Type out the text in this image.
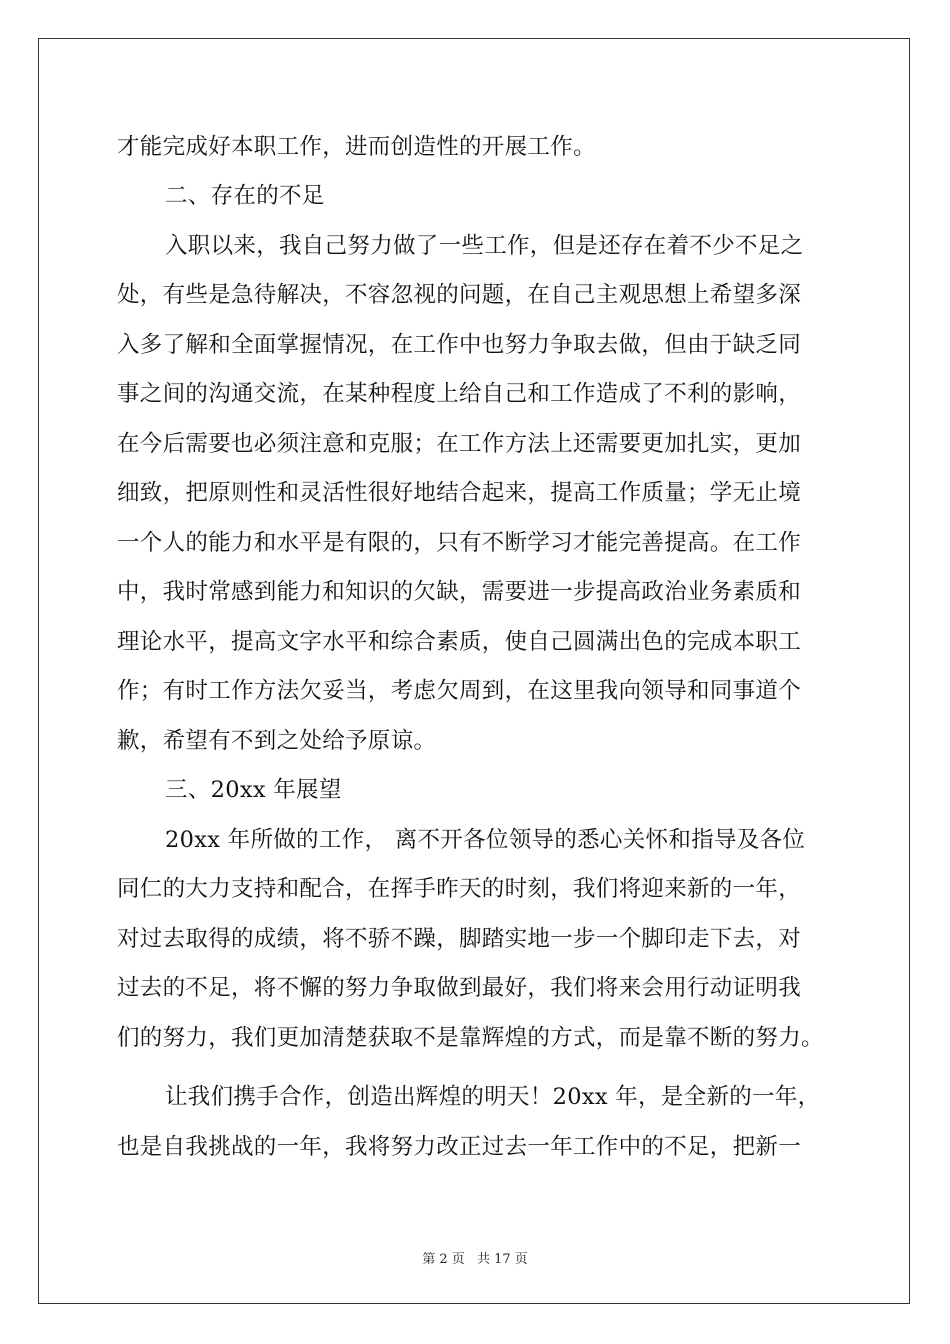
才能完成好本职工作，进而创造性的开展工作。
二、存在的不足
入职以来，我自己努力做了一些工作，但是还存在着不少不足之
处，有些是急待解决，不容忽视的问题，在自己主观思想上希望多深
入多了解和全面掌握情况，在工作中也努力争取去做，但由于缺乏同
事之间的沟通交流，在某种程度上给自己和工作造成了不利的影响，
在今后需要也必须注意和克服；在工作方法上还需要更加扎实，更加
细致，把原则性和灵活性很好地结合起来，提高工作质量；学无止境
一个人的能力和水平是有限的，只有不断学习才能完善提高。在工作
中，我时常感到能力和知识的欠缺，需要进一步提高政治业务素质和
理论水平，提高文字水平和综合素质，使自己圆满出色的完成本职工
作；有时工作方法欠妥当，考虑欠周到，在这里我向领导和同事道个
歉，希望有不到之处给予原谅。
三、20xx 年展望
20xx 年所做的工作， 离不开各位领导的悉心关怀和指导及各位
同仁的大力支持和配合，在挥手昨天的时刻，我们将迎来新的一年，
对过去取得的成绩，将不骄不躁，脚踏实地一步一个脚印走下去，对
过去的不足，将不懈的努力争取做到最好，我们将来会用行动证明我
们的努力，我们更加清楚获取不是靠辉煌的方式，而是靠不断的努力。
让我们携手合作，创造出辉煌的明天！20xx 年，是全新的一年，
也是自我挑战的一年，我将努力改正过去一年工作中的不足，把新一
第 2 页 共 17 页
